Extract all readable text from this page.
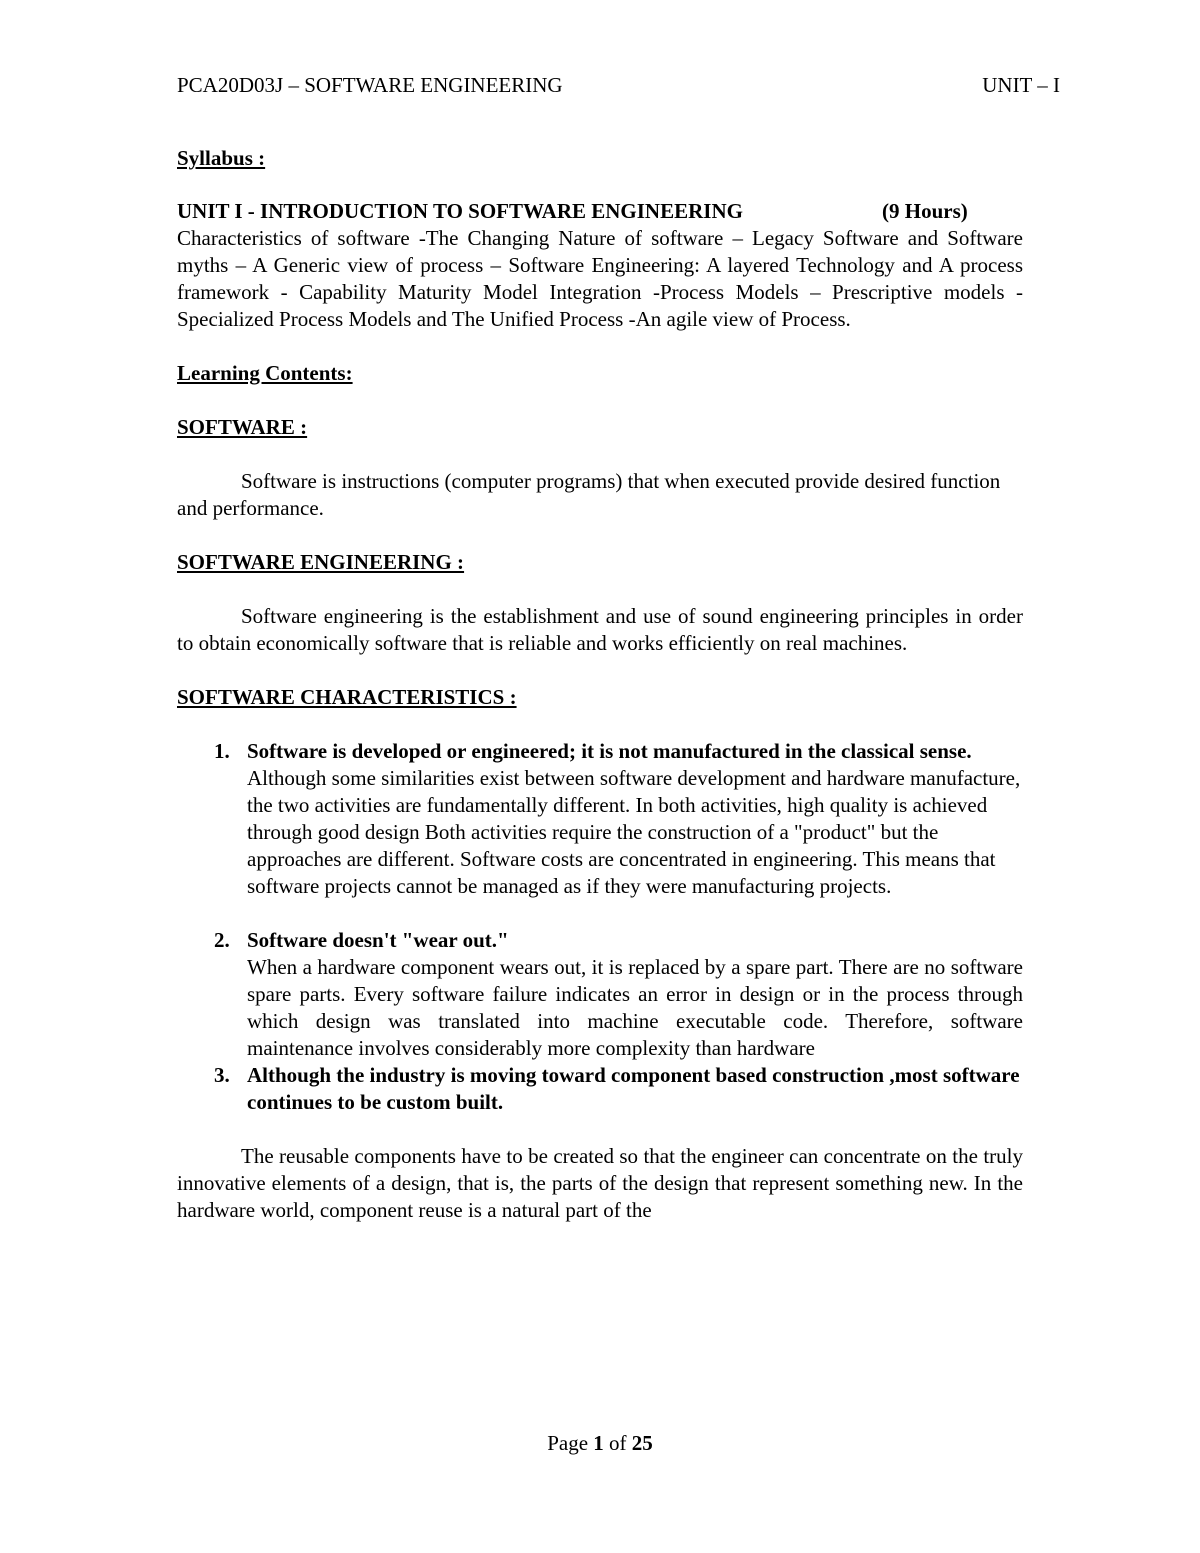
PCA20D03J – SOFTWARE ENGINEERING	UNIT – I

Syllabus :

UNIT I - INTRODUCTION TO SOFTWARE ENGINEERING	(9 Hours)

Characteristics of software -The Changing Nature of software – Legacy Software and Software myths – A Generic view of process – Software Engineering: A layered Technology and A process framework - Capability Maturity Model Integration -Process Models – Prescriptive models -Specialized Process Models and The Unified Process -An agile view of Process.

Learning Contents:

SOFTWARE :

Software is instructions (computer programs) that when executed provide desired function and performance.

SOFTWARE ENGINEERING :

Software engineering is the establishment and use of sound engineering principles in order to obtain economically software that is reliable and works efficiently on real machines.

SOFTWARE CHARACTERISTICS :

1. Software is developed or engineered; it is not manufactured in the classical sense.
Although some similarities exist between software development and hardware manufacture, the two activities are fundamentally different. In both activities, high quality is achieved through good design Both activities require the construction of a "product" but the approaches are different. Software costs are concentrated in engineering. This means that software projects cannot be managed as if they were manufacturing projects.
2. Software doesn't "wear out."
When a hardware component wears out, it is replaced by a spare part. There are no software spare parts. Every software failure indicates an error in design or in the process through which design was translated into machine executable code. Therefore, software maintenance involves considerably more complexity than hardware
3. Although the industry is moving toward component based construction ,most software continues to be custom built.

The reusable components have to be created so that the engineer can concentrate on the truly innovative elements of a design, that is, the parts of the design that represent something new. In the hardware world, component reuse is a natural part of the

Page 1 of 25
